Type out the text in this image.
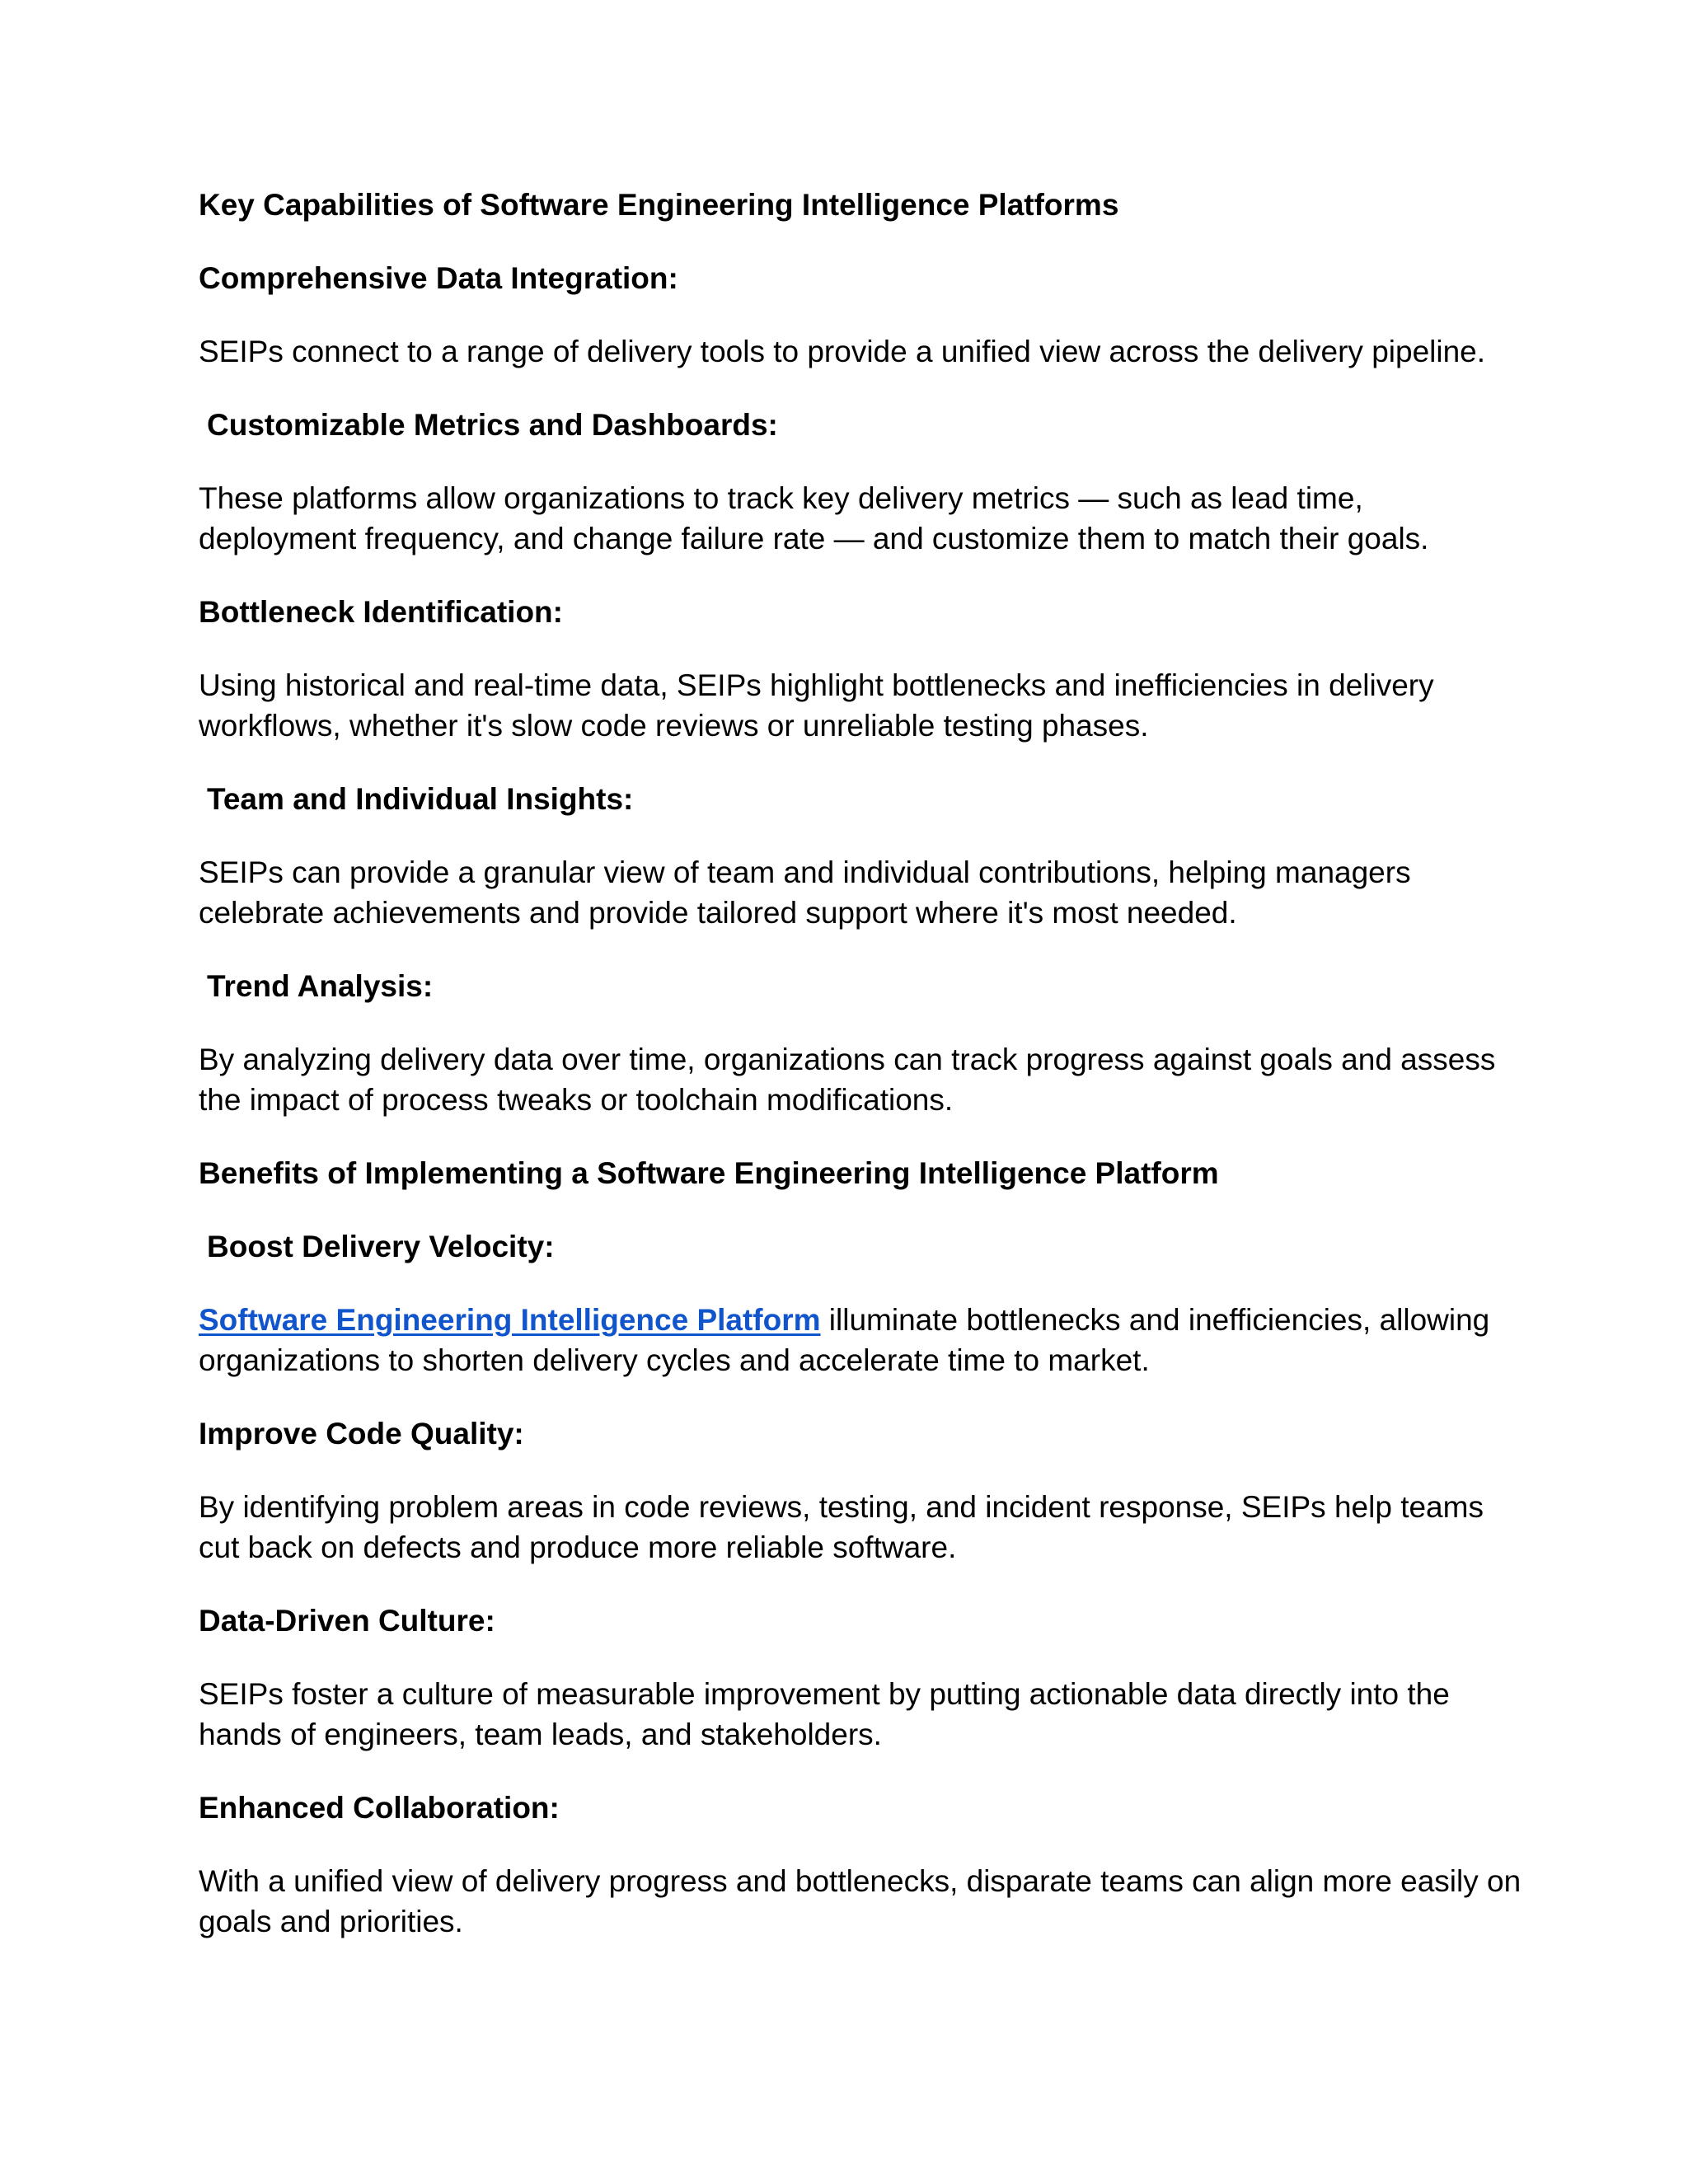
Key Capabilities of Software Engineering Intelligence Platforms
Comprehensive Data Integration:
SEIPs connect to a range of delivery tools to provide a unified view across the delivery pipeline.
Customizable Metrics and Dashboards:
These platforms allow organizations to track key delivery metrics — such as lead time, deployment frequency, and change failure rate — and customize them to match their goals.
Bottleneck Identification:
Using historical and real-time data, SEIPs highlight bottlenecks and inefficiencies in delivery workflows, whether it's slow code reviews or unreliable testing phases.
Team and Individual Insights:
SEIPs can provide a granular view of team and individual contributions, helping managers celebrate achievements and provide tailored support where it's most needed.
Trend Analysis:
By analyzing delivery data over time, organizations can track progress against goals and assess the impact of process tweaks or toolchain modifications.
Benefits of Implementing a Software Engineering Intelligence Platform
Boost Delivery Velocity:
Software Engineering Intelligence Platform illuminate bottlenecks and inefficiencies, allowing organizations to shorten delivery cycles and accelerate time to market.
Improve Code Quality:
By identifying problem areas in code reviews, testing, and incident response, SEIPs help teams cut back on defects and produce more reliable software.
Data-Driven Culture:
SEIPs foster a culture of measurable improvement by putting actionable data directly into the hands of engineers, team leads, and stakeholders.
Enhanced Collaboration:
With a unified view of delivery progress and bottlenecks, disparate teams can align more easily on goals and priorities.
